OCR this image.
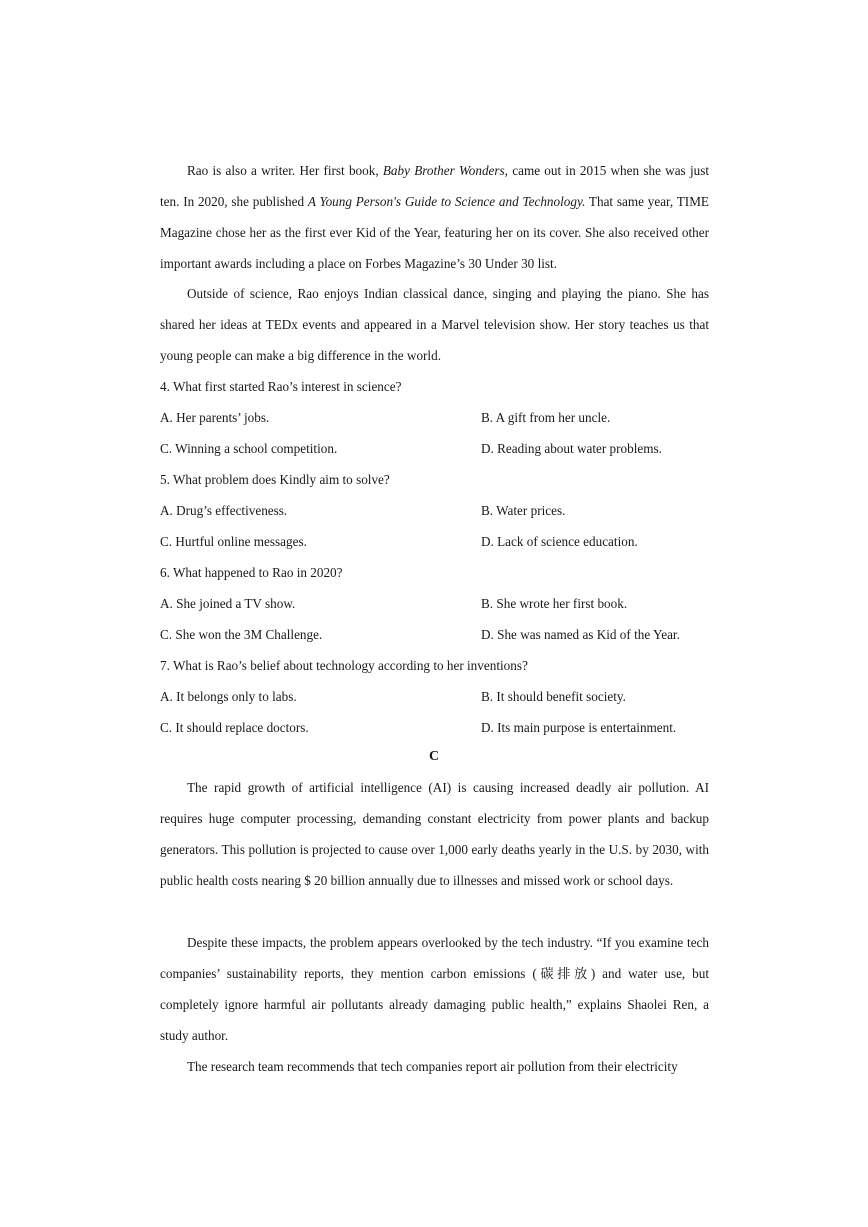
Rao is also a writer. Her first book, Baby Brother Wonders, came out in 2015 when she was just ten. In 2020, she published A Young Person's Guide to Science and Technology. That same year, TIME Magazine chose her as the first ever Kid of the Year, featuring her on its cover. She also received other important awards including a place on Forbes Magazine’s 30 Under 30 list.

Outside of science, Rao enjoys Indian classical dance, singing and playing the piano. She has shared her ideas at TEDx events and appeared in a Marvel television show. Her story teaches us that young people can make a big difference in the world.

4. What first started Rao’s interest in science?

A. Her parents’ jobs.	B. A gift from her uncle.

C. Winning a school competition.	D. Reading about water problems.

5. What problem does Kindly aim to solve?

A. Drug’s effectiveness.	B. Water prices.

C. Hurtful online messages.	D. Lack of science education.

6. What happened to Rao in 2020?

A. She joined a TV show.	B. She wrote her first book.

C. She won the 3M Challenge.	D. She was named as Kid of the Year.

7. What is Rao’s belief about technology according to her inventions?

A. It belongs only to labs.	B. It should benefit society.

C. It should replace doctors.	D. Its main purpose is entertainment.

C

The rapid growth of artificial intelligence (AI) is causing increased deadly air pollution. AI requires huge computer processing, demanding constant electricity from power plants and backup generators. This pollution is projected to cause over 1,000 early deaths yearly in the U.S. by 2030, with public health costs nearing $ 20 billion annually due to illnesses and missed work or school days.

Despite these impacts, the problem appears overlooked by the tech industry. “If you examine tech companies’ sustainability reports, they mention carbon emissions (碳排放) and water use, but completely ignore harmful air pollutants already damaging public health,” explains Shaolei Ren, a study author.

The research team recommends that tech companies report air pollution from their electricity
